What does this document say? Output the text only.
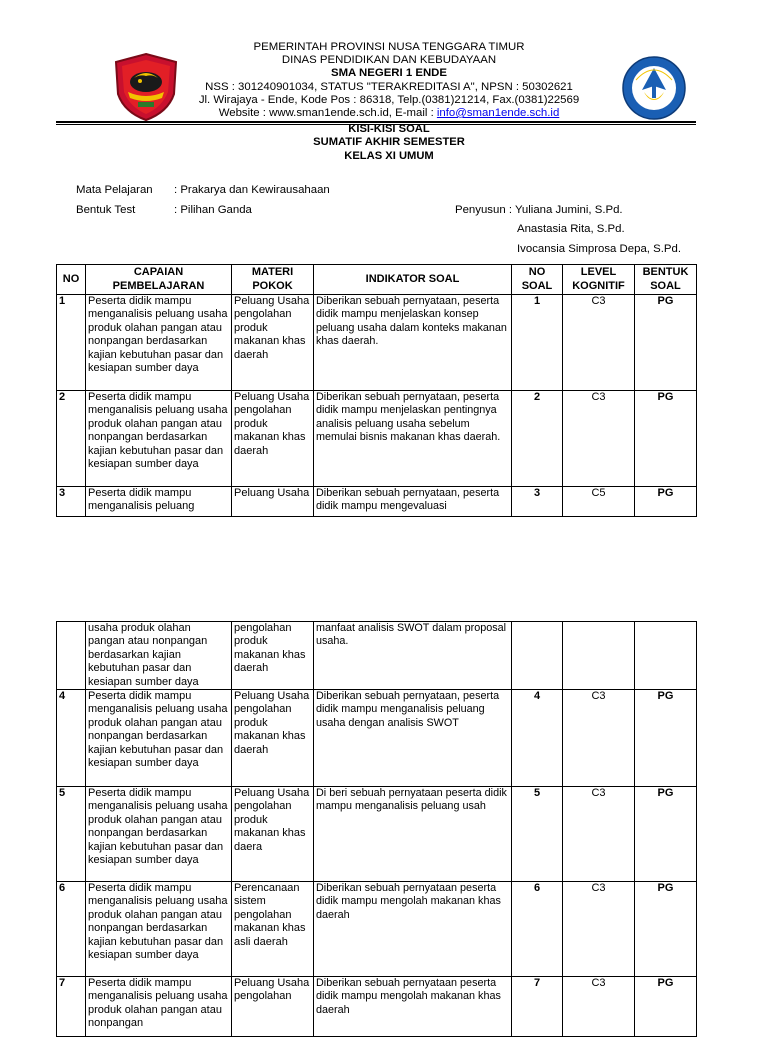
PEMERINTAH PROVINSI NUSA TENGGARA TIMUR
DINAS PENDIDIKAN DAN KEBUDAYAAN
SMA NEGERI 1 ENDE
NSS : 301240901034, STATUS "TERAKREDITASI A", NPSN : 50302621
Jl. Wirajaya - Ende, Kode Pos : 86318, Telp.(0381)21214, Fax.(0381)22569
Website : www.sman1ende.sch.id, E-mail : info@sman1ende.sch.id
KISI-KISI SOAL
SUMATIF AKHIR SEMESTER
KELAS XI UMUM
Mata Pelajaran : Prakarya dan Kewirausahaan
Bentuk Test	: Pilihan Ganda	Penyusun : Yuliana Jumini, S.Pd.
Anastasia Rita, S.Pd.
Ivocansia Simprosa Depa, S.Pd.
NO	CAPAIAN PEMBELAJARAN	MATERI POKOK	INDIKATOR SOAL	NO SOAL	LEVEL KOGNITIF	BENTUK SOAL
1	Peserta didik mampu menganalisis peluang usaha produk olahan pangan atau nonpangan berdasarkan kajian kebutuhan pasar dan kesiapan sumber daya	Peluang Usaha pengolahan produk makanan khas daerah	Diberikan sebuah pernyataan, peserta didik mampu menjelaskan konsep peluang usaha dalam konteks makanan khas daerah.	1	C3	PG
2	Peserta didik mampu menganalisis peluang usaha produk olahan pangan atau nonpangan berdasarkan kajian kebutuhan pasar dan kesiapan sumber daya	Peluang Usaha pengolahan produk makanan khas daerah	Diberikan sebuah pernyataan, peserta didik mampu menjelaskan pentingnya analisis peluang usaha sebelum memulai bisnis makanan khas daerah.	2	C3	PG
3	Peserta didik mampu menganalisis peluang	Peluang Usaha	Diberikan sebuah pernyataan, peserta didik mampu mengevaluasi	3	C5	PG
	usaha produk olahan pangan atau nonpangan berdasarkan kajian kebutuhan pasar dan kesiapan sumber daya	pengolahan produk makanan khas daerah	manfaat analisis SWOT dalam proposal usaha.			
4	Peserta didik mampu menganalisis peluang usaha produk olahan pangan atau nonpangan berdasarkan kajian kebutuhan pasar dan kesiapan sumber daya	Peluang Usaha pengolahan produk makanan khas daerah	Diberikan sebuah pernyataan, peserta didik mampu menganalisis peluang usaha dengan analisis SWOT	4	C3	PG
5	Peserta didik mampu menganalisis peluang usaha produk olahan pangan atau nonpangan berdasarkan kajian kebutuhan pasar dan kesiapan sumber daya	Peluang Usaha pengolahan produk makanan khas daera	Di beri sebuah pernyataan peserta didik mampu menganalisis peluang usah	5	C3	PG
6	Peserta didik mampu menganalisis peluang usaha produk olahan pangan atau nonpangan berdasarkan kajian kebutuhan pasar dan kesiapan sumber daya	Perencanaan sistem pengolahan makanan khas asli daerah	Diberikan sebuah pernyataan peserta didik mampu mengolah makanan khas daerah	6	C3	PG
7	Peserta didik mampu menganalisis peluang usaha produk olahan pangan atau nonpangan	Peluang Usaha pengolahan	Diberikan sebuah pernyataan peserta didik mampu mengolah makanan khas daerah	7	C3	PG
